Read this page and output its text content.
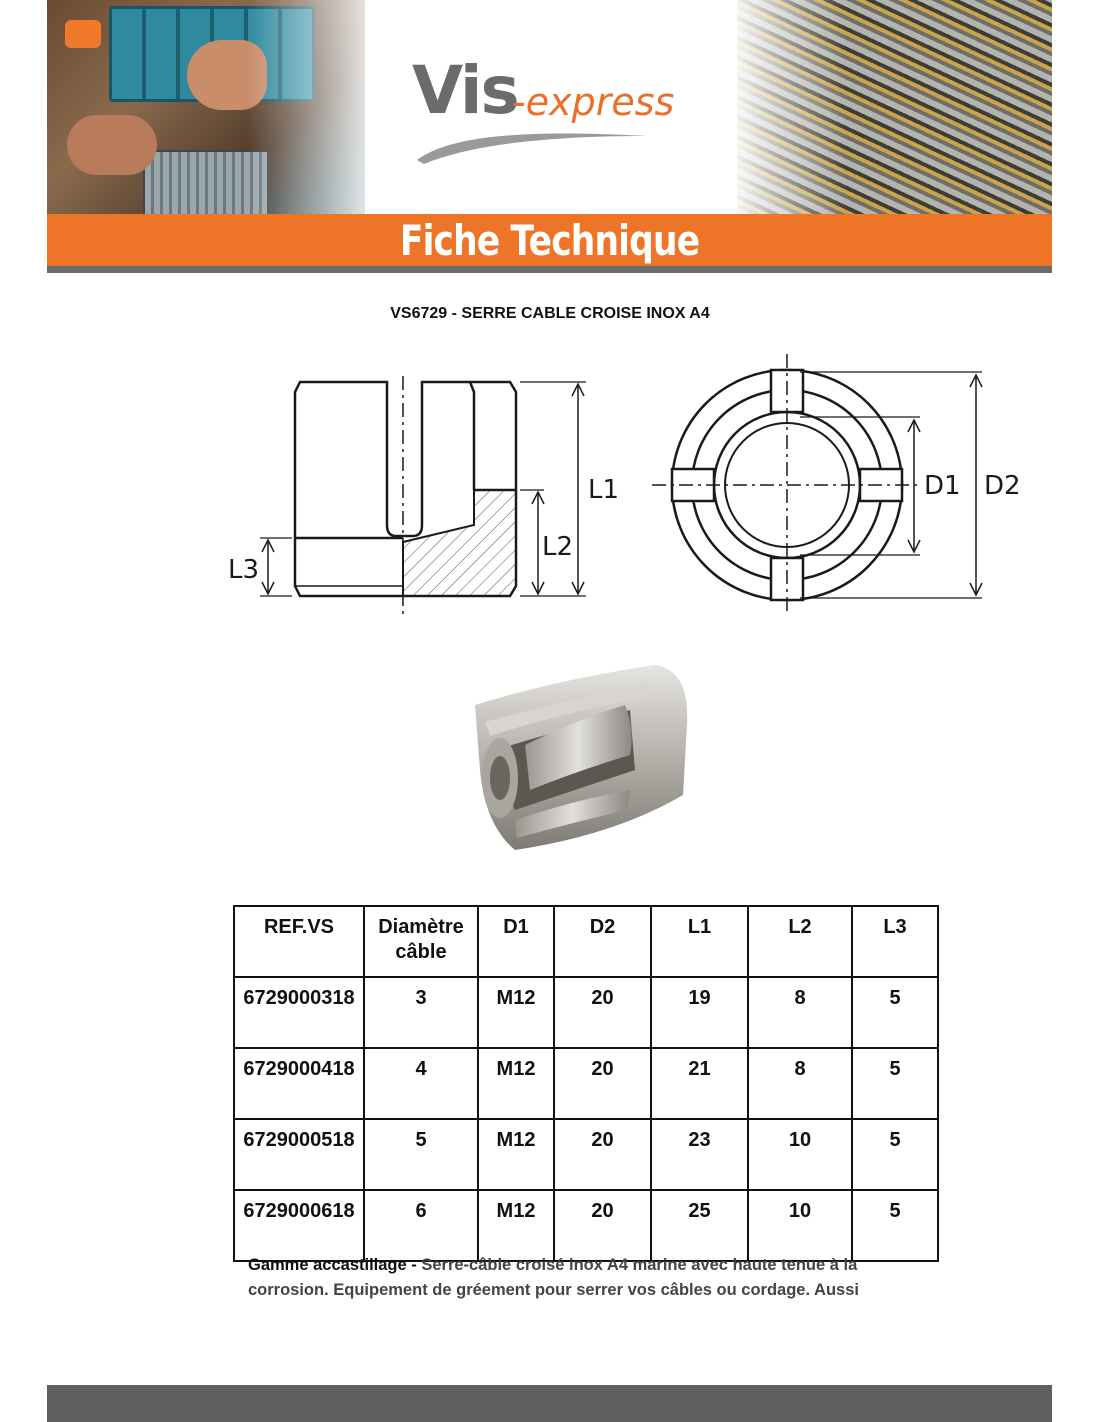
Vis
-express
Fiche Technique
VS6729 - SERRE CABLE CROISE INOX A4
L1
L2
L3
D1 D2
REF.VS	Diamètre câble	D1	D2	L1	L2	L3
6729000318	3	M12	20	19	8	5
6729000418	4	M12	20	21	8	5
6729000518	5	M12	20	23	10	5
6729000618	6	M12	20	25	10	5
Gamme accastillage - Serre-câble croisé inox A4 marine avec haute tenue à la corrosion. Equipement de gréement pour serrer vos câbles ou cordage. Aussi
